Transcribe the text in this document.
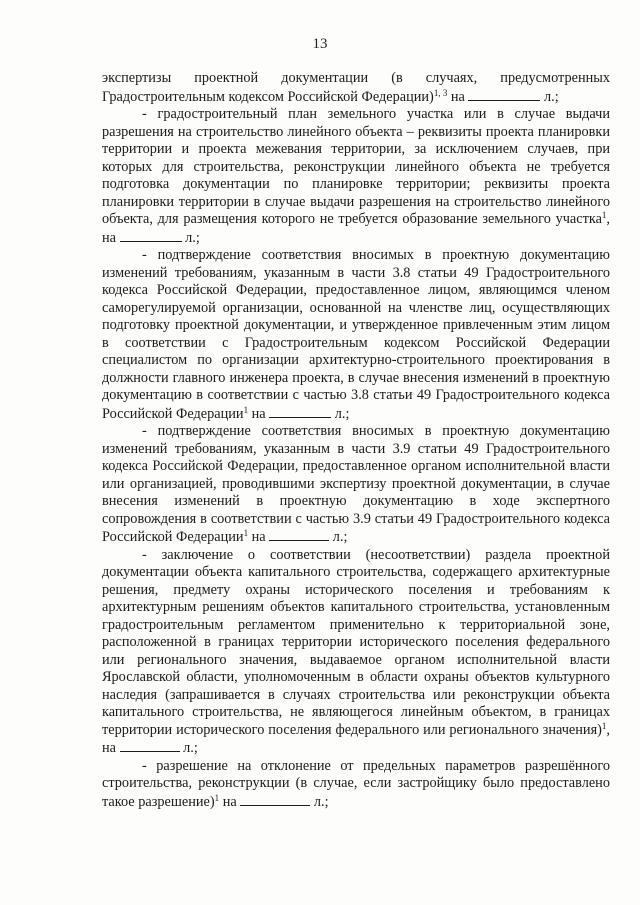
13

экспертизы проектной документации (в случаях, предусмотренных Градостроительным кодексом Российской Федерации)$^{1, 3}$ на	л.;

- градостроительный план земельного участка или в случае выдачи разрешения на строительство линейного объекта – реквизиты проекта планировки территории и проекта межевания территории, за исключением случаев, при которых для строительства, реконструкции линейного объекта не требуется подготовка документации по планировке территории; реквизиты проекта планировки территории в случае выдачи разрешения на строительство линейного объекта, для размещения которого не требуется образование земельного участка$^1$, на	л.;

- подтверждение соответствия вносимых в проектную документацию изменений требованиям, указанным в части 3.8 статьи 49 Градостроительного кодекса Российской Федерации, предоставленное лицом, являющимся членом саморегулируемой организации, основанной на членстве лиц, осуществляющих подготовку проектной документации, и утвержденное привлеченным этим лицом в соответствии с Градостроительным кодексом Российской Федерации специалистом по организации архитектурно-строительного проектирования в должности главного инженера проекта, в случае внесения изменений в проектную документацию в соответствии с частью 3.8 статьи 49 Градостроительного кодекса Российской Федерации$^1$ на	л.;

- подтверждение соответствия вносимых в проектную документацию изменений требованиям, указанным в части 3.9 статьи 49 Градостроительного кодекса Российской Федерации, предоставленное органом исполнительной власти или организацией, проводившими экспертизу проектной документации, в случае внесения изменений в проектную документацию в ходе экспертного сопровождения в соответствии с частью 3.9 статьи 49 Градостроительного кодекса Российской Федерации$^1$ на	л.;

- заключение о соответствии (несоответствии) раздела проектной документации объекта капитального строительства, содержащего архитектурные решения, предмету охраны исторического поселения и требованиям к архитектурным решениям объектов капитального строительства, установленным градостроительным регламентом применительно к территориальной зоне, расположенной в границах территории исторического поселения федерального или регионального значения, выдаваемое органом исполнительной власти Ярославской области, уполномоченным в области охраны объектов культурного наследия (запрашивается в случаях строительства или реконструкции объекта капитального строительства, не являющегося линейным объектом, в границах территории исторического поселения федерального или регионального значения)$^1$, на	л.;

- разрешение на отклонение от предельных параметров разрешённого строительства, реконструкции (в случае, если застройщику было предоставлено такое разрешение)$^1$ на	л.;
